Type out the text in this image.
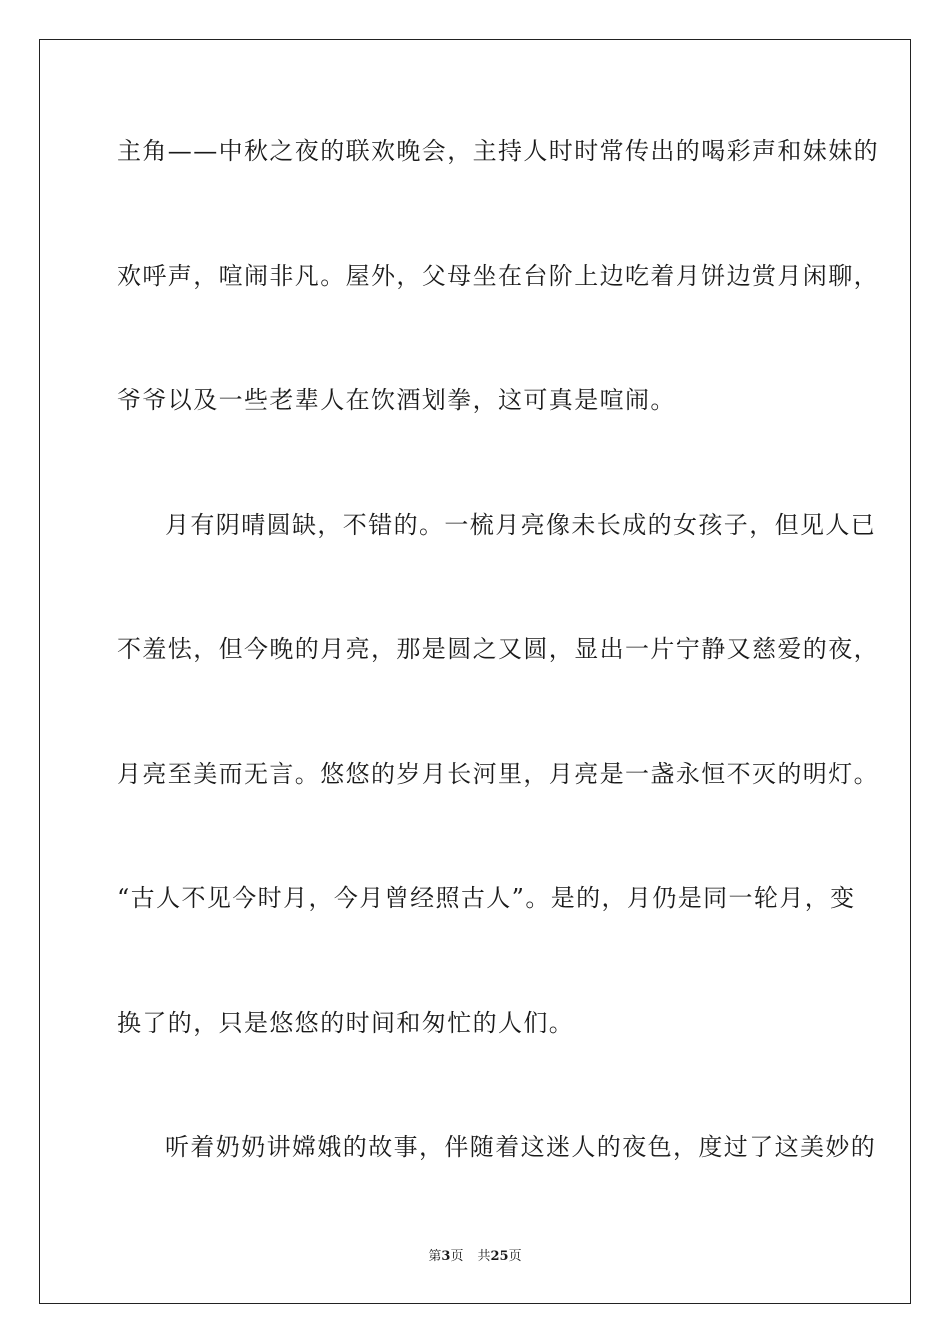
主角——中秋之夜的联欢晚会，主持人时时常传出的喝彩声和妹妹的

欢呼声，喧闹非凡。屋外，父母坐在台阶上边吃着月饼边赏月闲聊，

爷爷以及一些老辈人在饮酒划拳，这可真是喧闹。

月有阴晴圆缺，不错的。一梳月亮像未长成的女孩子，但见人已

不羞怯，但今晚的月亮，那是圆之又圆，显出一片宁静又慈爱的夜，

月亮至美而无言。悠悠的岁月长河里，月亮是一盏永恒不灭的明灯。

“古人不见今时月，今月曾经照古人”。是的，月仍是同一轮月，变

换了的，只是悠悠的时间和匆忙的人们。

听着奶奶讲嫦娥的故事，伴随着这迷人的夜色，度过了这美妙的

第3页 共25页
